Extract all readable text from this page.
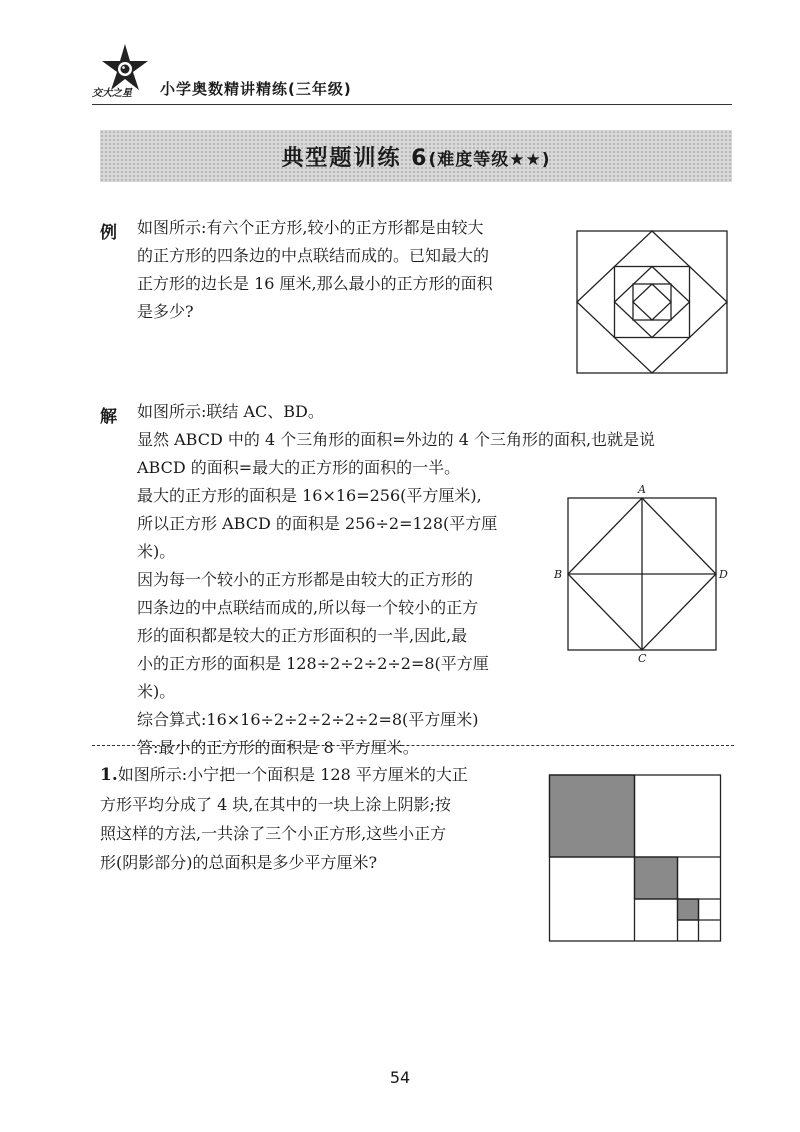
交大之星 小学奥数精讲精练(三年级)
典型题训练 6(难度等级★★)
例 如图所示:有六个正方形,较小的正方形都是由较大

的正方形的四条边的中点联结而成的。已知最大的

正方形的边长是 16 厘米,那么最小的正方形的面积

是多少?

解 如图所示:联结 AC、BD。

显然 ABCD 中的 4 个三角形的面积=外边的 4 个三角形的面积,也就是说

ABCD 的面积=最大的正方形的面积的一半。

最大的正方形的面积是 16×16=256(平方厘米),

所以正方形 ABCD 的面积是 256÷2=128(平方厘

米)。

因为每一个较小的正方形都是由较大的正方形的

四条边的中点联结而成的,所以每一个较小的正方

形的面积都是较大的正方形面积的一半,因此,最

小的正方形的面积是 128÷2÷2÷2÷2=8(平方厘

米)。

综合算式:16×16÷2÷2÷2÷2÷2=8(平方厘米)

答:最小的正方形的面积是 8 平方厘米。

A
B
C
D

1.如图所示:小宁把一个面积是 128 平方厘米的大正

方形平均分成了 4 块,在其中的一块上涂上阴影;按

照这样的方法,一共涂了三个小正方形,这些小正方

形(阴影部分)的总面积是多少平方厘米?

54
